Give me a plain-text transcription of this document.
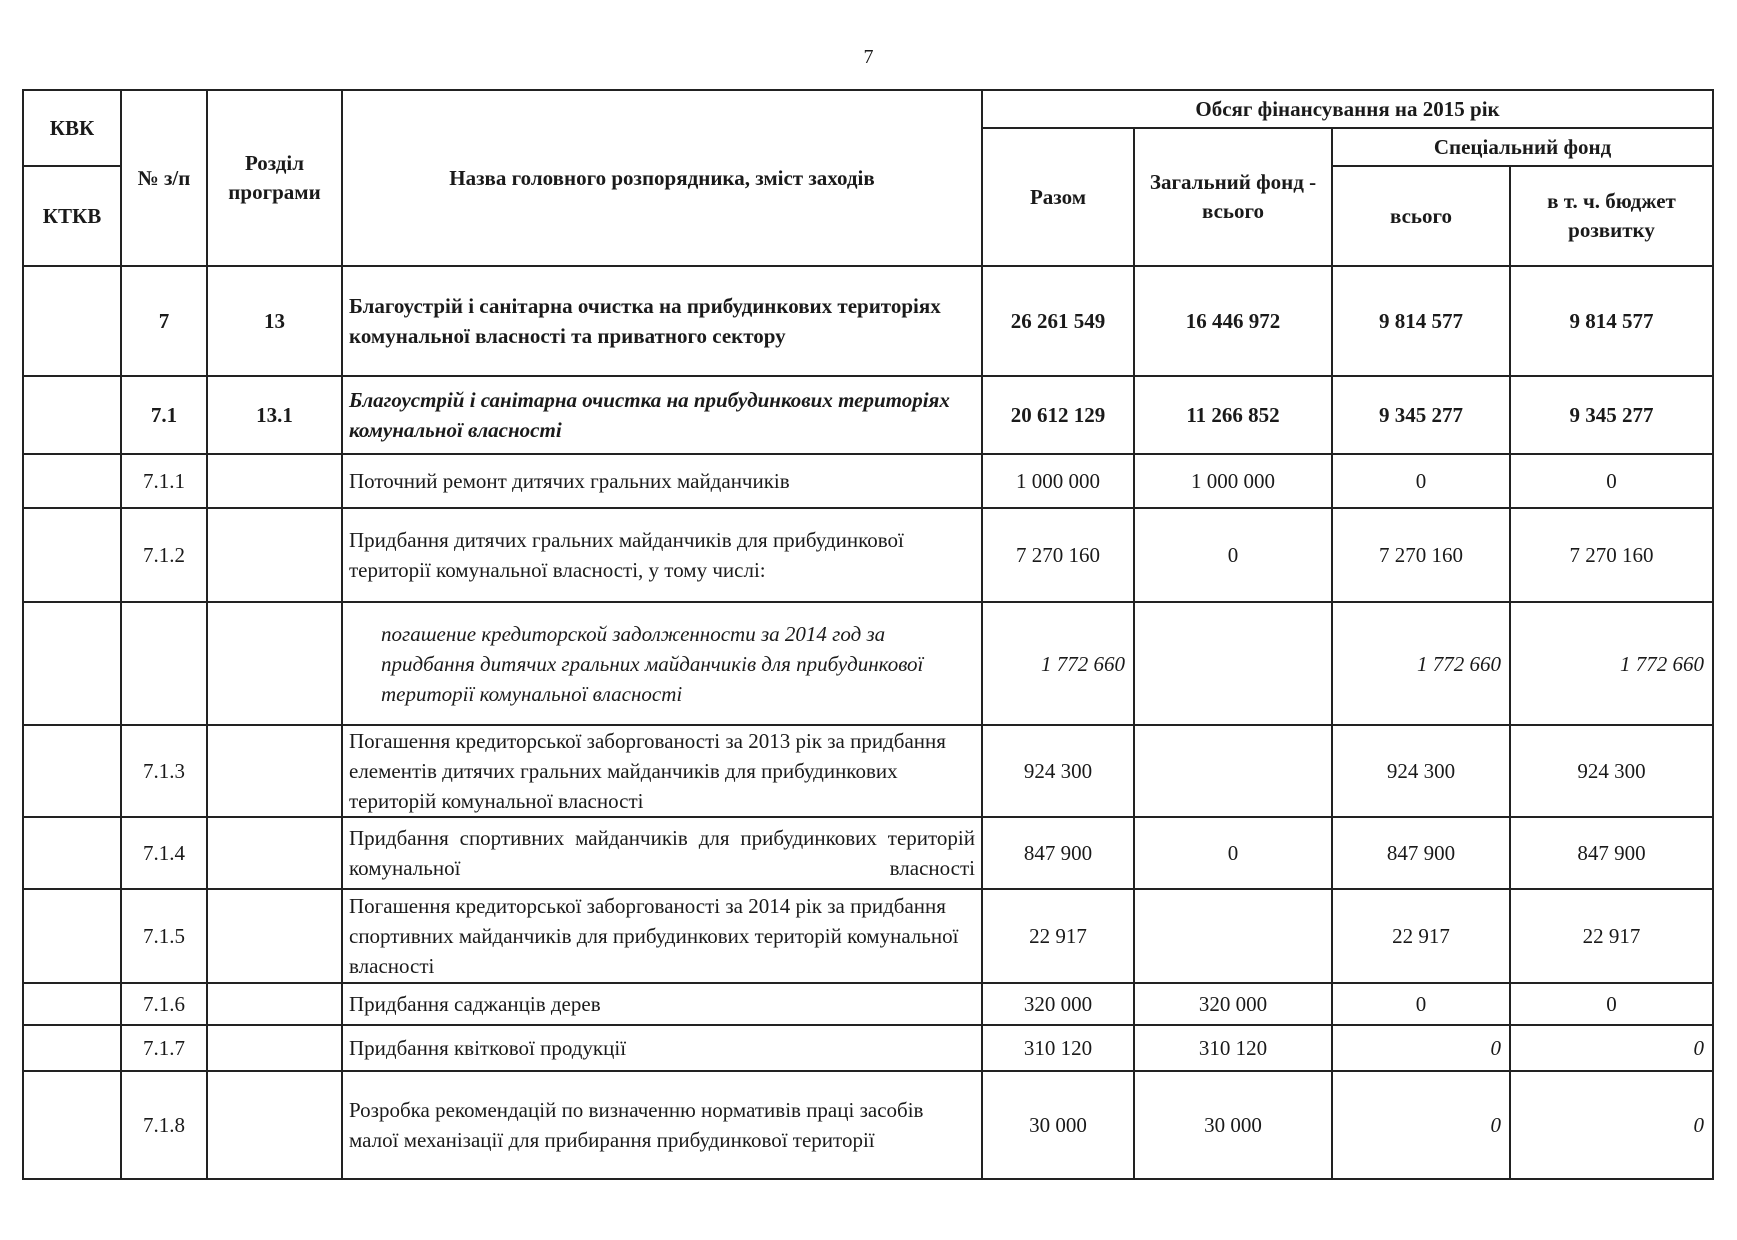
7
КВК	№ з/п	Розділ програми	Назва головного розпорядника, зміст заходів	Обсяг фінансування на 2015 рік			
				Разом	Загальний фонд - всього	Спеціальний фонд	
КТКВ						всього	в т. ч. бюджет розвитку
	7	13	Благоустрій і санітарна очистка на прибудинкових територіях комунальної власності та приватного сектору	26 261 549	16 446 972	9 814 577	9 814 577
	7.1	13.1	Благоустрій і санітарна очистка на прибудинкових територіях комунальної власності	20 612 129	11 266 852	9 345 277	9 345 277
	7.1.1		Поточний ремонт дитячих гральних майданчиків	1 000 000	1 000 000	0	0
	7.1.2		Придбання дитячих гральних майданчиків для прибудинкової території комунальної власності, у тому числі:	7 270 160	0	7 270 160	7 270 160
			погашение кредиторской задолженности за 2014 год за придбання дитячих гральних майданчиків для прибудинкової території комунальної власності	1 772 660		1 772 660	1 772 660
	7.1.3		Погашення кредиторської заборгованості за 2013 рік за придбання елементів дитячих гральних майданчиків для прибудинкових територій комунальної власності	924 300		924 300	924 300
	7.1.4		Придбання спортивних майданчиків для прибудинкових територій комунальної власності	847 900	0	847 900	847 900
	7.1.5		Погашення кредиторської заборгованості за 2014 рік за придбання спортивних майданчиків для прибудинкових територій комунальної власності	22 917		22 917	22 917
	7.1.6		Придбання саджанців дерев	320 000	320 000	0	0
	7.1.7		Придбання квіткової продукції	310 120	310 120	0	0
	7.1.8		Розробка рекомендацій по визначенню нормативів праці засобів малої механізації для прибирання прибудинкової території	30 000	30 000	0	0
